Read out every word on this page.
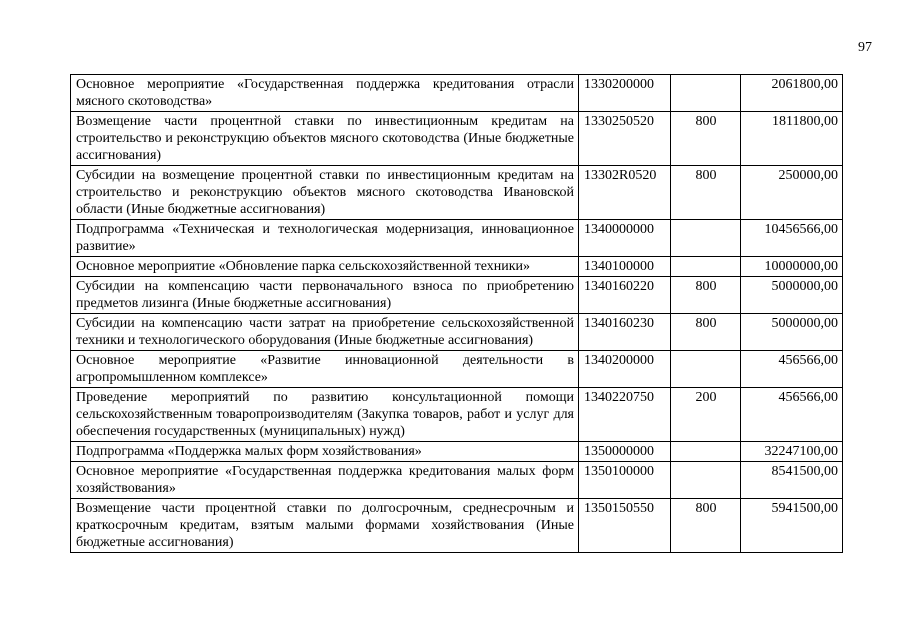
97
Основное мероприятие «Государственная поддержка кредитования отрасли мясного скотоводства»	1330200000		2061800,00
Возмещение части процентной ставки по инвестиционным кредитам на строительство и реконструкцию объектов мясного скотоводства (Иные бюджетные ассигнования)	1330250520	800	1811800,00
Субсидии на возмещение процентной ставки по инвестиционным кредитам на строительство и реконструкцию объектов мясного скотоводства Ивановской области (Иные бюджетные ассигнования)	13302R0520	800	250000,00
Подпрограмма «Техническая и технологическая модернизация, инновационное развитие»	1340000000		10456566,00
Основное мероприятие «Обновление парка сельскохозяйственной техники»	1340100000		10000000,00
Субсидии на компенсацию части первоначального взноса по приобретению предметов лизинга (Иные бюджетные ассигнования)	1340160220	800	5000000,00
Субсидии на компенсацию части затрат на приобретение сельскохозяйственной техники и технологического оборудования (Иные бюджетные ассигнования)	1340160230	800	5000000,00
Основное мероприятие «Развитие инновационной деятельности в агропромышленном комплексе»	1340200000		456566,00
Проведение мероприятий по развитию консультационной помощи сельскохозяйственным товаропроизводителям (Закупка товаров, работ и услуг для обеспечения государственных (муниципальных) нужд)	1340220750	200	456566,00
Подпрограмма «Поддержка малых форм хозяйствования»	1350000000		32247100,00
Основное мероприятие «Государственная поддержка кредитования малых форм хозяйствования»	1350100000		8541500,00
Возмещение части процентной ставки по долгосрочным, среднесрочным и краткосрочным кредитам, взятым малыми формами хозяйствования (Иные бюджетные ассигнования)	1350150550	800	5941500,00
